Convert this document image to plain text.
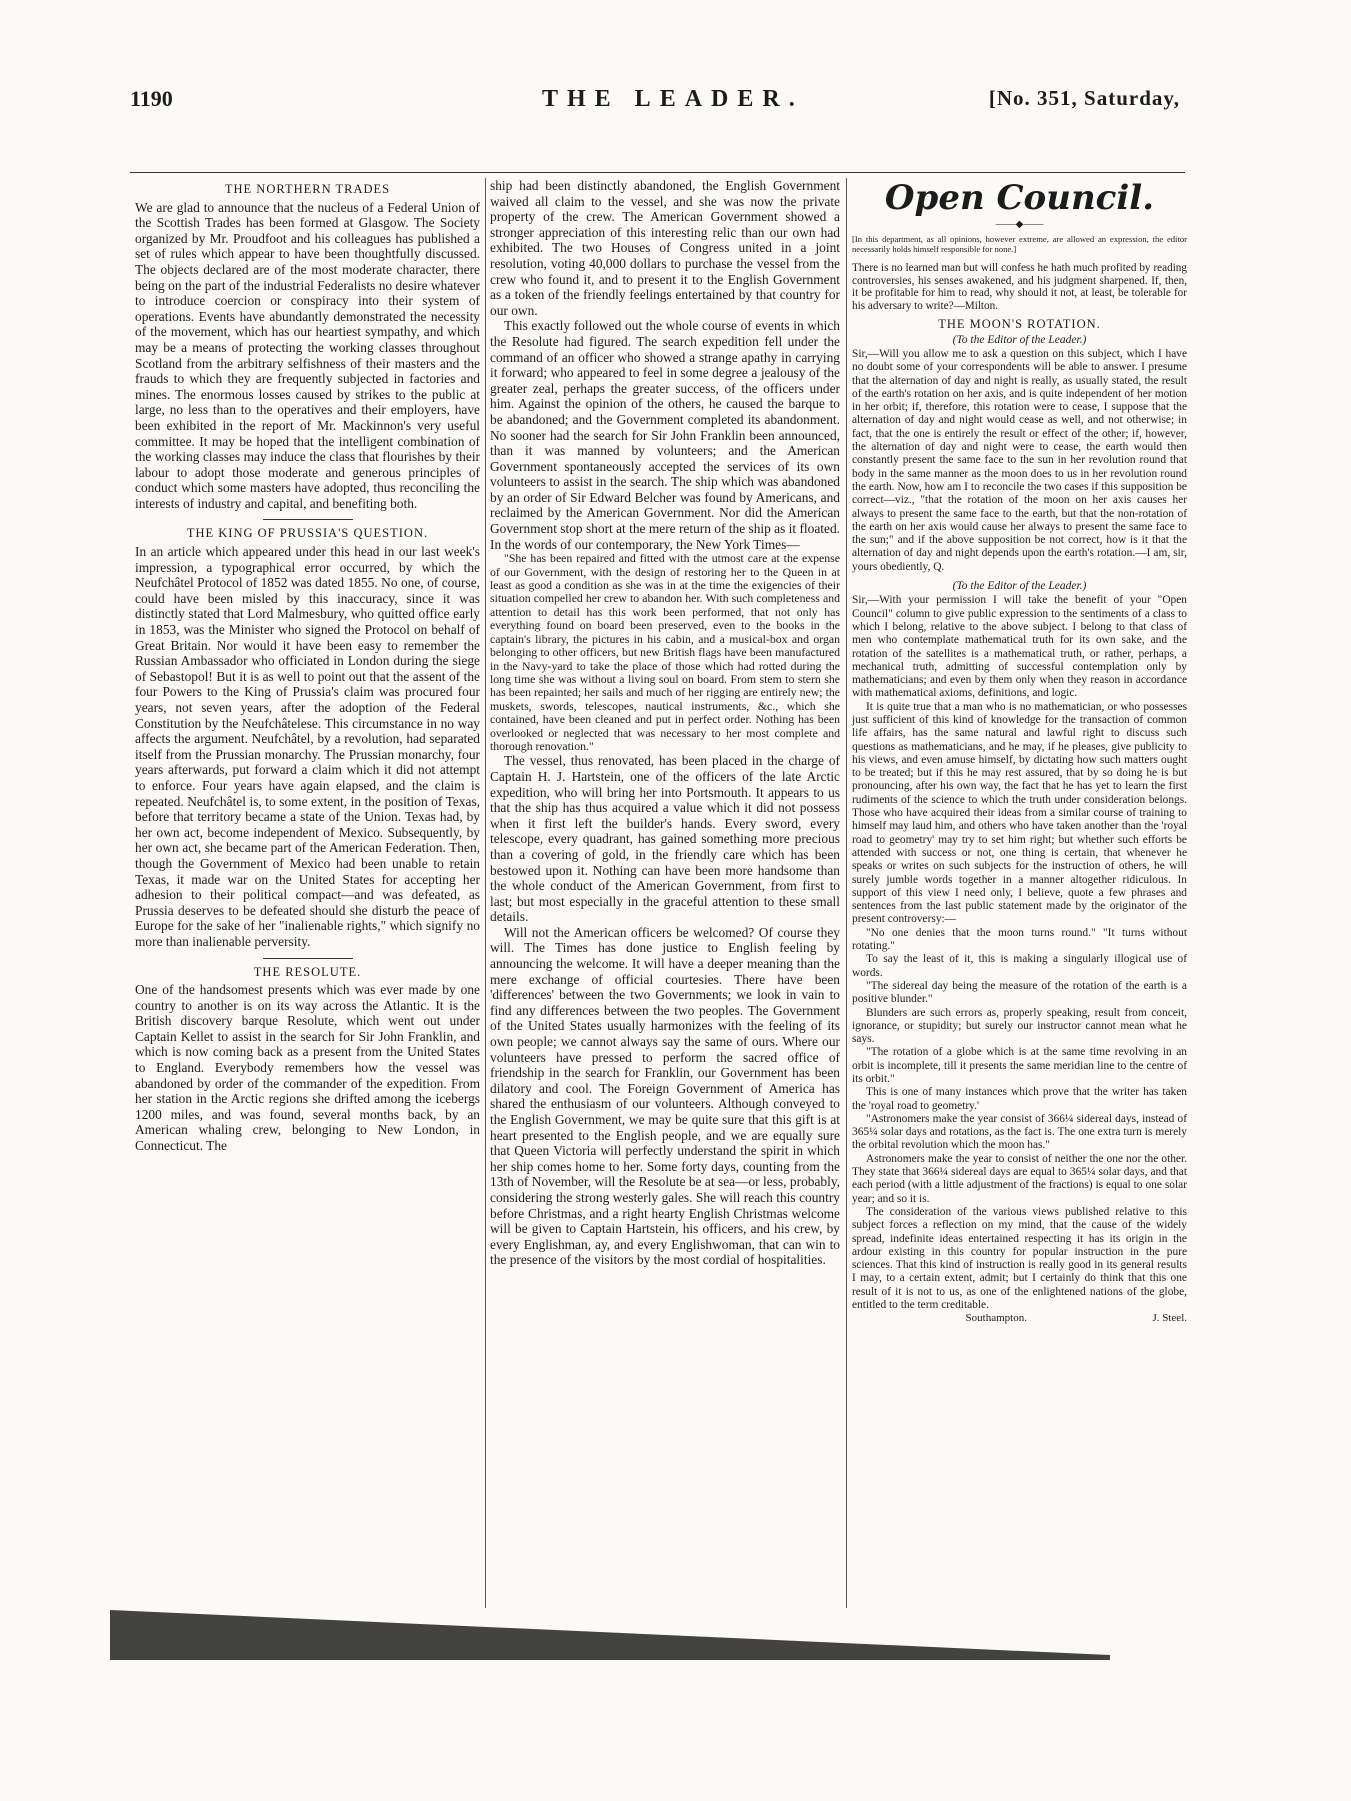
1190	THE LEADER.	[No. 351, Saturday,
THE NORTHERN TRADES

We are glad to announce that the nucleus of a Federal Union of the Scottish Trades has been formed at Glasgow. The Society organized by Mr. Proudfoot and his colleagues has published a set of rules which appear to have been thoughtfully discussed. The objects declared are of the most moderate character, there being on the part of the industrial Federalists no desire whatever to introduce coercion or conspiracy into their system of operations. Events have abundantly demonstrated the necessity of the movement, which has our heartiest sympathy, and which may be a means of protecting the working classes throughout Scotland from the arbitrary selfishness of their masters and the frauds to which they are frequently subjected in factories and mines. The enormous losses caused by strikes to the public at large, no less than to the operatives and their employers, have been exhibited in the report of Mr. Mackinnon's very useful committee. It may be hoped that the intelligent combination of the working classes may induce the class that flourishes by their labour to adopt those moderate and generous principles of conduct which some masters have adopted, thus reconciling the interests of industry and capital, and benefiting both.

THE KING OF PRUSSIA'S QUESTION.

In an article which appeared under this head in our last week's impression, a typographical error occurred, by which the Neufchâtel Protocol of 1852 was dated 1855. No one, of course, could have been misled by this inaccuracy, since it was distinctly stated that Lord Malmesbury, who quitted office early in 1853, was the Minister who signed the Protocol on behalf of Great Britain. Nor would it have been easy to remember the Russian Ambassador who officiated in London during the siege of Sebastopol! But it is as well to point out that the assent of the four Powers to the King of Prussia's claim was procured four years, not seven years, after the adoption of the Federal Constitution by the Neufchâtelese. This circumstance in no way affects the argument. Neufchâtel, by a revolution, had separated itself from the Prussian monarchy. The Prussian monarchy, four years afterwards, put forward a claim which it did not attempt to enforce. Four years have again elapsed, and the claim is repeated. Neufchâtel is, to some extent, in the position of Texas, before that territory became a state of the Union. Texas had, by her own act, become independent of Mexico. Subsequently, by her own act, she became part of the American Federation. Then, though the Government of Mexico had been unable to retain Texas, it made war on the United States for accepting her adhesion to their political compact—and was defeated, as Prussia deserves to be defeated should she disturb the peace of Europe for the sake of her "inalienable rights," which signify no more than inalienable perversity.

THE RESOLUTE.

One of the handsomest presents which was ever made by one country to another is on its way across the Atlantic. It is the British discovery barque Resolute, which went out under Captain Kellet to assist in the search for Sir John Franklin, and which is now coming back as a present from the United States to England. Everybody remembers how the vessel was abandoned by order of the commander of the expedition. From her station in the Arctic regions she drifted among the icebergs 1200 miles, and was found, several months back, by an American whaling crew, belonging to New London, in Connecticut. The

ship had been distinctly abandoned, the English Government waived all claim to the vessel, and she was now the private property of the crew. The American Government showed a stronger appreciation of this interesting relic than our own had exhibited. The two Houses of Congress united in a joint resolution, voting 40,000 dollars to purchase the vessel from the crew who found it, and to present it to the English Government as a token of the friendly feelings entertained by that country for our own.

This exactly followed out the whole course of events in which the Resolute had figured. The search expedition fell under the command of an officer who showed a strange apathy in carrying it forward; who appeared to feel in some degree a jealousy of the greater zeal, perhaps the greater success, of the officers under him. Against the opinion of the others, he caused the barque to be abandoned; and the Government completed its abandonment. No sooner had the search for Sir John Franklin been announced, than it was manned by volunteers; and the American Government spontaneously accepted the services of its own volunteers to assist in the search. The ship which was abandoned by an order of Sir Edward Belcher was found by Americans, and reclaimed by the American Government. Nor did the American Government stop short at the mere return of the ship as it floated. In the words of our contemporary, the New York Times—

"She has been repaired and fitted with the utmost care at the expense of our Government, with the design of restoring her to the Queen in at least as good a condition as she was in at the time the exigencies of their situation compelled her crew to abandon her. With such completeness and attention to detail has this work been performed, that not only has everything found on board been preserved, even to the books in the captain's library, the pictures in his cabin, and a musical-box and organ belonging to other officers, but new British flags have been manufactured in the Navy-yard to take the place of those which had rotted during the long time she was without a living soul on board. From stem to stern she has been repainted; her sails and much of her rigging are entirely new; the muskets, swords, telescopes, nautical instruments, &c., which she contained, have been cleaned and put in perfect order. Nothing has been overlooked or neglected that was necessary to her most complete and thorough renovation."

The vessel, thus renovated, has been placed in the charge of Captain H. J. Hartstein, one of the officers of the late Arctic expedition, who will bring her into Portsmouth. It appears to us that the ship has thus acquired a value which it did not possess when it first left the builder's hands. Every sword, every telescope, every quadrant, has gained something more precious than a covering of gold, in the friendly care which has been bestowed upon it. Nothing can have been more handsome than the whole conduct of the American Government, from first to last; but most especially in the graceful attention to these small details.

Will not the American officers be welcomed? Of course they will. The Times has done justice to English feeling by announcing the welcome. It will have a deeper meaning than the mere exchange of official courtesies. There have been 'differences' between the two Governments; we look in vain to find any differences between the two peoples. The Government of the United States usually harmonizes with the feeling of its own people; we cannot always say the same of ours. Where our volunteers have pressed to perform the sacred office of friendship in the search for Franklin, our Government has been dilatory and cool. The Foreign Government of America has shared the enthusiasm of our volunteers. Although conveyed to the English Government, we may be quite sure that this gift is at heart presented to the English people, and we are equally sure that Queen Victoria will perfectly understand the spirit in which her ship comes home to her. Some forty days, counting from the 13th of November, will the Resolute be at sea—or less, probably, considering the strong westerly gales. She will reach this country before Christmas, and a right hearty English Christmas welcome will be given to Captain Hartstein, his officers, and his crew, by every Englishman, ay, and every Englishwoman, that can win to the presence of the visitors by the most cordial of hospitalities.

Open Council.
——◆——
[In this department, as all opinions, however extreme, are allowed an expression, the editor necessarily holds himself responsible for none.]
There is no learned man but will confess he hath much profited by reading controversies, his senses awakened, and his judgment sharpened. If, then, it be profitable for him to read, why should it not, at least, be tolerable for his adversary to write?—Milton.
THE MOON'S ROTATION.
(To the Editor of the Leader.)

Sir,—Will you allow me to ask a question on this subject, which I have no doubt some of your correspondents will be able to answer. I presume that the alternation of day and night is really, as usually stated, the result of the earth's rotation on her axis, and is quite independent of her motion in her orbit; if, therefore, this rotation were to cease, I suppose that the alternation of day and night would cease as well, and not otherwise; in fact, that the one is entirely the result or effect of the other; if, however, the alternation of day and night were to cease, the earth would then constantly present the same face to the sun in her revolution round that body in the same manner as the moon does to us in her revolution round the earth. Now, how am I to reconcile the two cases if this supposition be correct—viz., "that the rotation of the moon on her axis causes her always to present the same face to the earth, but that the non-rotation of the earth on her axis would cause her always to present the same face to the sun;" and if the above supposition be not correct, how is it that the alternation of day and night depends upon the earth's rotation.—I am, sir, yours obediently, Q.

(To the Editor of the Leader.)

Sir,—With your permission I will take the benefit of your "Open Council" column to give public expression to the sentiments of a class to which I belong, relative to the above subject. I belong to that class of men who contemplate mathematical truth for its own sake, and the rotation of the satellites is a mathematical truth, or rather, perhaps, a mechanical truth, admitting of successful contemplation only by mathematicians; and even by them only when they reason in accordance with mathematical axioms, definitions, and logic.

It is quite true that a man who is no mathematician, or who possesses just sufficient of this kind of knowledge for the transaction of common life affairs, has the same natural and lawful right to discuss such questions as mathematicians, and he may, if he pleases, give publicity to his views, and even amuse himself, by dictating how such matters ought to be treated; but if this he may rest assured, that by so doing he is but pronouncing, after his own way, the fact that he has yet to learn the first rudiments of the science to which the truth under consideration belongs. Those who have acquired their ideas from a similar course of training to himself may laud him, and others who have taken another than the 'royal road to geometry' may try to set him right; but whether such efforts be attended with success or not, one thing is certain, that whenever he speaks or writes on such subjects for the instruction of others, he will surely jumble words together in a manner altogether ridiculous. In support of this view I need only, I believe, quote a few phrases and sentences from the last public statement made by the originator of the present controversy:—

"No one denies that the moon turns round." "It turns without rotating."

To say the least of it, this is making a singularly illogical use of words.

"The sidereal day being the measure of the rotation of the earth is a positive blunder."

Blunders are such errors as, properly speaking, result from conceit, ignorance, or stupidity; but surely our instructor cannot mean what he says.

"The rotation of a globe which is at the same time revolving in an orbit is incomplete, till it presents the same meridian line to the centre of its orbit."

This is one of many instances which prove that the writer has taken the 'royal road to geometry.'

"Astronomers make the year consist of 366¼ sidereal days, instead of 365¼ solar days and rotations, as the fact is. The one extra turn is merely the orbital revolution which the moon has."

Astronomers make the year to consist of neither the one nor the other. They state that 366¼ sidereal days are equal to 365¼ solar days, and that each period (with a little adjustment of the fractions) is equal to one solar year; and so it is.

The consideration of the various views published relative to this subject forces a reflection on my mind, that the cause of the widely spread, indefinite ideas entertained respecting it has its origin in the ardour existing in this country for popular instruction in the pure sciences. That this kind of instruction is really good in its general results I may, to a certain extent, admit; but I certainly do think that this one result of it is not to us, as one of the enlightened nations of the globe, entitled to the term creditable.

Southampton.	J. Steel.
